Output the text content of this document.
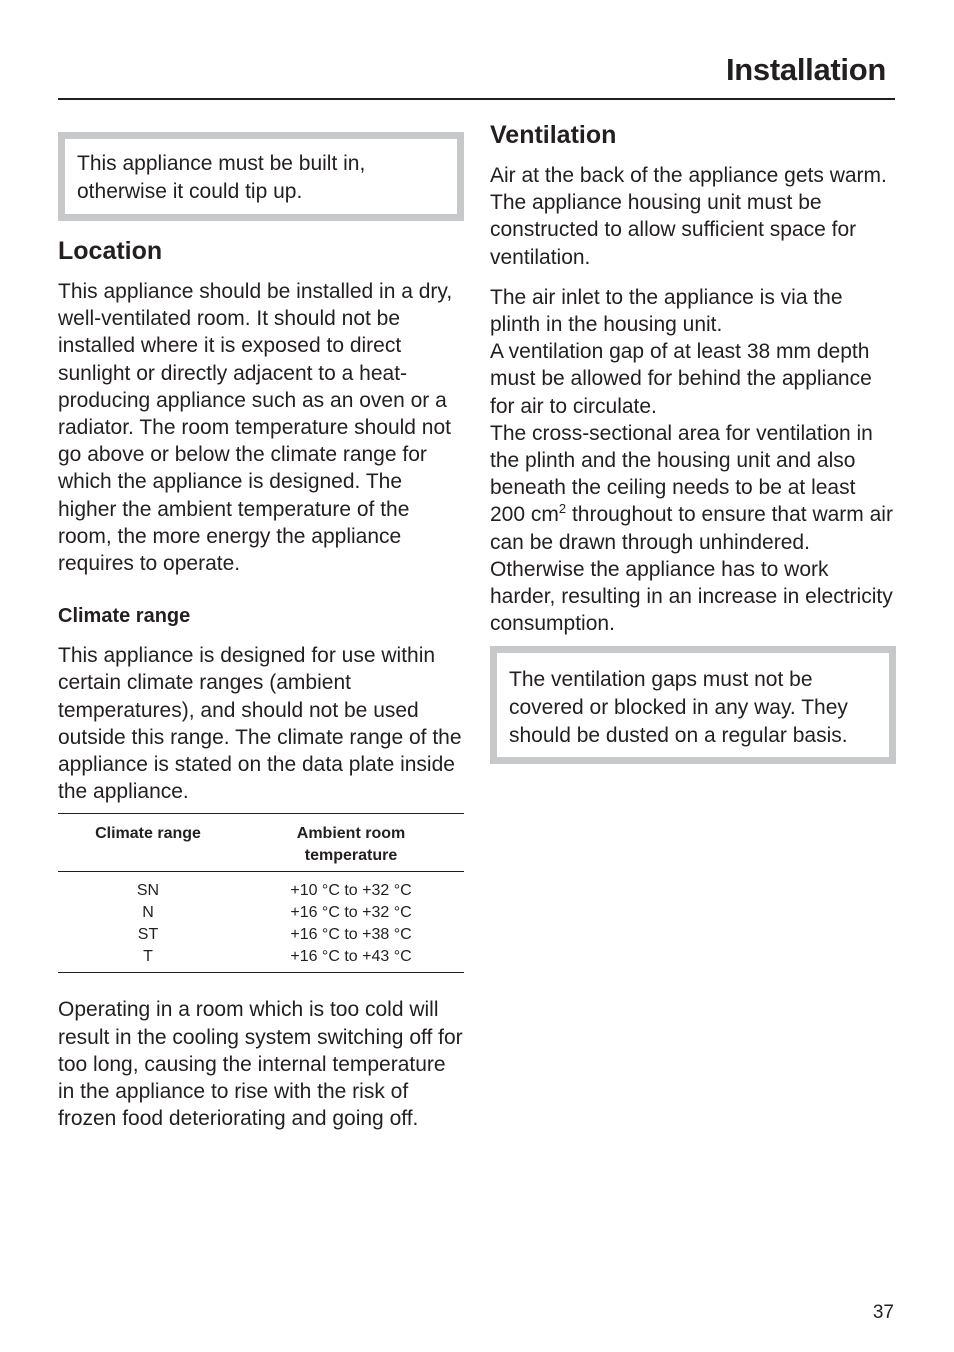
Installation

This appliance must be built in,

otherwise it could tip up.

Location

This appliance should be installed in a dry, well-ventilated room. It should not be installed where it is exposed to direct sunlight or directly adjacent to a heat-producing appliance such as an oven or a radiator. The room temperature should not go above or below the climate range for which the appliance is designed. The higher the ambient temperature of the room, the more energy the appliance requires to operate.

Climate range

This appliance is designed for use within certain climate ranges (ambient temperatures), and should not be used outside this range. The climate range of the appliance is stated on the data plate inside the appliance.

Climate range	Ambient room temperature
SN	+10 °C to +32 °C
N	+16 °C to +32 °C
ST	+16 °C to +38 °C
T	+16 °C to +43 °C

Operating in a room which is too cold will result in the cooling system switching off for too long, causing the internal temperature in the appliance to rise with the risk of frozen food deteriorating and going off.

Ventilation

Air at the back of the appliance gets warm. The appliance housing unit must be constructed to allow sufficient space for ventilation.

The air inlet to the appliance is via the plinth in the housing unit.

A ventilation gap of at least 38 mm depth must be allowed for behind the appliance for air to circulate.

The cross-sectional area for ventilation in the plinth and the housing unit and also beneath the ceiling needs to be at least 200 $cm^2$ throughout to ensure that warm air can be drawn through unhindered. Otherwise the appliance has to work harder, resulting in an increase in electricity consumption.

The ventilation gaps must not be covered or blocked in any way. They should be dusted on a regular basis.

37
